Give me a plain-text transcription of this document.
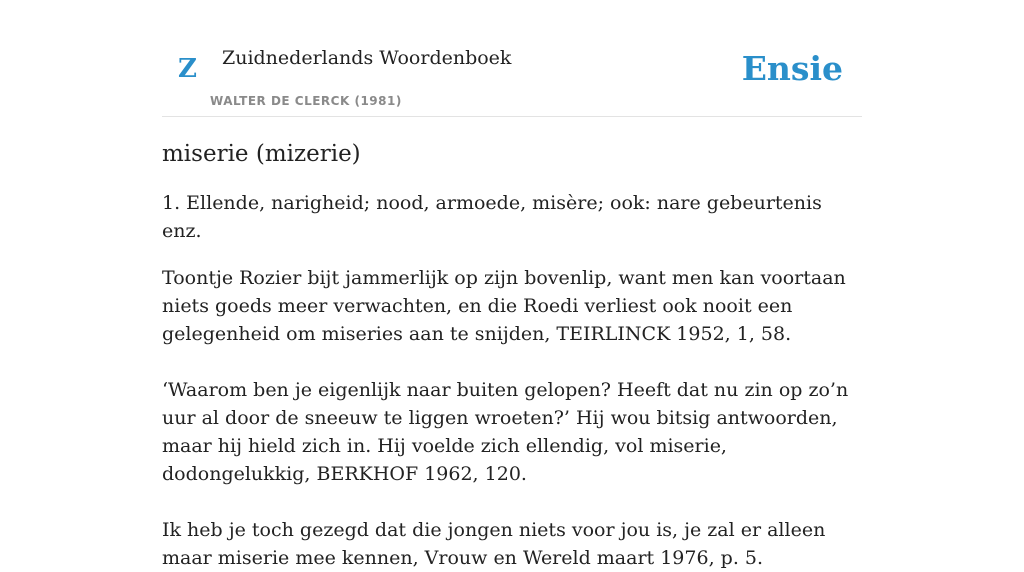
Z Zuidnederlands Woordenboek
WALTER DE CLERCK (1981)
Ensie
miserie (mizerie)

1. Ellende, narigheid; nood, armoede, misère; ook: nare gebeurtenis enz.

Toontje Rozier bijt jammerlijk op zijn bovenlip, want men kan voortaan niets goeds meer verwachten, en die Roedi verliest ook nooit een gelegenheid om miseries aan te snijden, TEIRLINCK 1952, 1, 58.

‘Waarom ben je eigenlijk naar buiten gelopen? Heeft dat nu zin op zo’n uur al door de sneeuw te liggen wroeten?’ Hij wou bitsig antwoorden, maar hij hield zich in. Hij voelde zich ellendig, vol miserie, dodongelukkig, BERKHOF 1962, 120.

Ik heb je toch gezegd dat die jongen niets voor jou is, je zal er alleen maar miserie mee kennen, Vrouw en Wereld maart 1976, p. 5.
